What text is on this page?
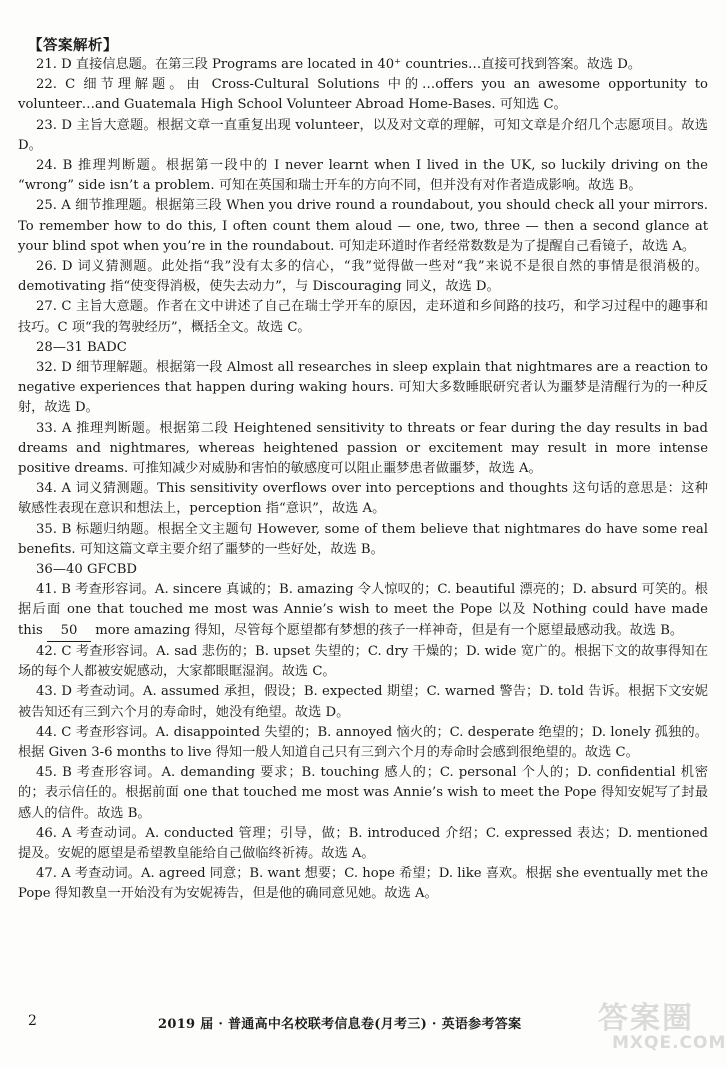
【答案解析】

21. D 直接信息题。在第三段 Programs are located in 40⁺ countries…直接可找到答案。故选 D。

22. C 细节理解题。由 Cross-Cultural Solutions 中的…offers you an awesome opportunity to volunteer…and Guatemala High School Volunteer Abroad Home-Bases. 可知选 C。

23. D 主旨大意题。根据文章一直重复出现 volunteer，以及对文章的理解，可知文章是介绍几个志愿项目。故选 D。

24. B 推理判断题。根据第一段中的 I never learnt when I lived in the UK, so luckily driving on the “wrong” side isn’t a problem. 可知在英国和瑞士开车的方向不同，但并没有对作者造成影响。故选 B。

25. A 细节推理题。根据第三段 When you drive round a roundabout, you should check all your mirrors. To remember how to do this, I often count them aloud — one, two, three — then a second glance at your blind spot when you’re in the roundabout. 可知走环道时作者经常数数是为了提醒自己看镜子，故选 A。

26. D 词义猜测题。此处指“我”没有太多的信心，“我”觉得做一些对“我”来说不是很自然的事情是很消极的。demotivating 指“使变得消极，使失去动力”，与 Discouraging 同义，故选 D。

27. C 主旨大意题。作者在文中讲述了自己在瑞士学开车的原因，走环道和乡间路的技巧，和学习过程中的趣事和技巧。C 项“我的驾驶经历”，概括全文。故选 C。

28—31 BADC

32. D 细节理解题。根据第一段 Almost all researches in sleep explain that nightmares are a reaction to negative experiences that happen during waking hours. 可知大多数睡眠研究者认为噩梦是清醒行为的一种反射，故选 D。

33. A 推理判断题。根据第二段 Heightened sensitivity to threats or fear during the day results in bad dreams and nightmares, whereas heightened passion or excitement may result in more intense positive dreams. 可推知减少对威胁和害怕的敏感度可以阻止噩梦患者做噩梦，故选 A。

34. A 词义猜测题。This sensitivity overflows over into perceptions and thoughts 这句话的意思是：这种敏感性表现在意识和想法上，perception 指“意识”，故选 A。

35. B 标题归纳题。根据全文主题句 However, some of them believe that nightmares do have some real benefits. 可知这篇文章主要介绍了噩梦的一些好处，故选 B。

36—40 GFCBD

41. B 考查形容词。A. sincere 真诚的；B. amazing 令人惊叹的；C. beautiful 漂亮的；D. absurd 可笑的。根据后面 one that touched me most was Annie’s wish to meet the Pope 以及 Nothing could have made this 50 more amazing 得知，尽管每个愿望都有梦想的孩子一样神奇，但是有一个愿望最感动我。故选 B。

42. C 考查形容词。A. sad 悲伤的；B. upset 失望的；C. dry 干燥的；D. wide 宽广的。根据下文的故事得知在场的每个人都被安妮感动，大家都眼眶湿润。故选 C。

43. D 考查动词。A. assumed 承担，假设；B. expected 期望；C. warned 警告；D. told 告诉。根据下文安妮被告知还有三到六个月的寿命时，她没有绝望。故选 D。

44. C 考查形容词。A. disappointed 失望的；B. annoyed 恼火的；C. desperate 绝望的；D. lonely 孤独的。根据 Given 3-6 months to live 得知一般人知道自己只有三到六个月的寿命时会感到很绝望的。故选 C。

45. B 考查形容词。A. demanding 要求；B. touching 感人的；C. personal 个人的；D. confidential 机密的；表示信任的。根据前面 one that touched me most was Annie’s wish to meet the Pope 得知安妮写了封最感人的信件。故选 B。

46. A 考查动词。A. conducted 管理；引导，做；B. introduced 介绍；C. expressed 表达；D. mentioned 提及。安妮的愿望是希望教皇能给自己做临终祈祷。故选 A。

47. A 考查动词。A. agreed 同意；B. want 想要；C. hope 希望；D. like 喜欢。根据 she eventually met the Pope 得知教皇一开始没有为安妮祷告，但是他的确同意见她。故选 A。

2	2019 届 · 普通高中名校联考信息卷(月考三) · 英语参考答案	答案圈
MXQE.COM
